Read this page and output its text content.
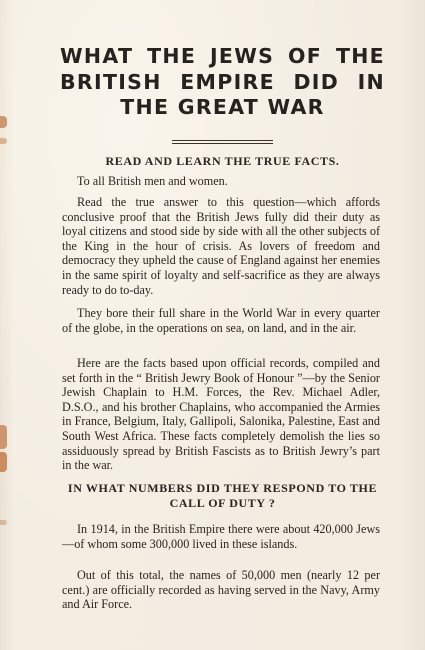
WHAT THE JEWS OF THE BRITISH EMPIRE DID IN THE GREAT WAR
READ AND LEARN THE TRUE FACTS.

To all British men and women.

Read the true answer to this question—which affords conclusive proof that the British Jews fully did their duty as loyal citizens and stood side by side with all the other subjects of the King in the hour of crisis. As lovers of freedom and democracy they upheld the cause of England against her enemies in the same spirit of loyalty and self-sacrifice as they are always ready to do to-day.

They bore their full share in the World War in every quarter of the globe, in the operations on sea, on land, and in the air.

Here are the facts based upon official records, compiled and set forth in the “ British Jewry Book of Honour ”—by the Senior Jewish Chaplain to H.M. Forces, the Rev. Michael Adler, D.S.O., and his brother Chaplains, who accompanied the Armies in France, Belgium, Italy, Gallipoli, Salonika, Palestine, East and South West Africa. These facts completely demolish the lies so assiduously spread by British Fascists as to British Jewry’s part in the war.

IN WHAT NUMBERS DID THEY RESPOND TO THE CALL OF DUTY ?

In 1914, in the British Empire there were about 420,000 Jews—of whom some 300,000 lived in these islands.

Out of this total, the names of 50,000 men (nearly 12 per cent.) are officially recorded as having served in the Navy, Army and Air Force.
